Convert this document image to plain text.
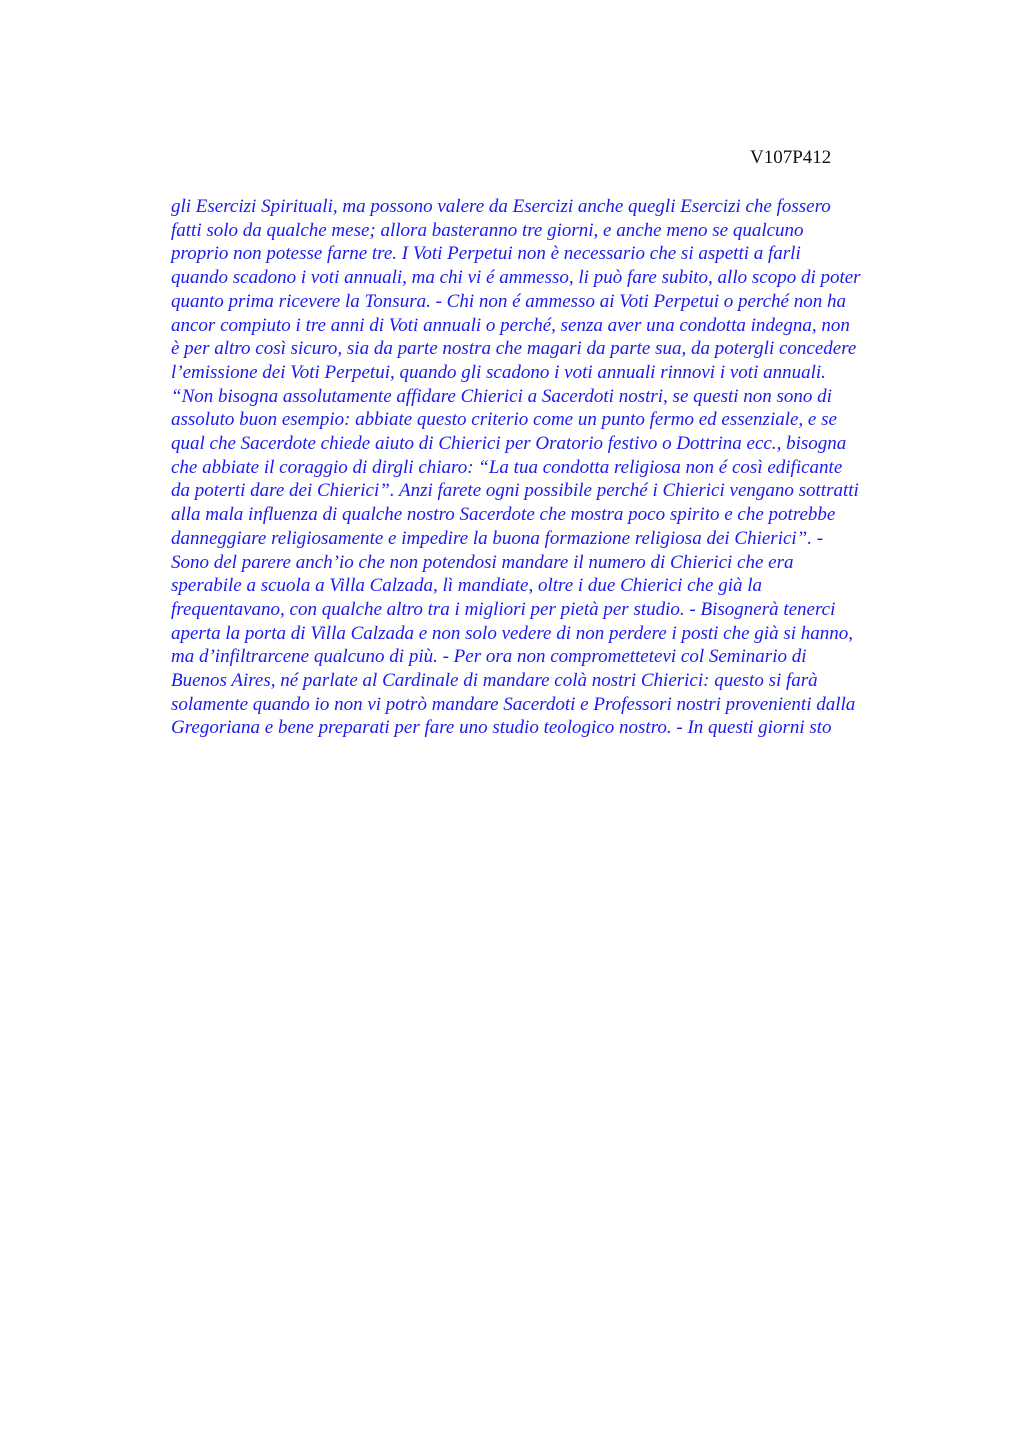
V107P412
gli Esercizi Spirituali, ma possono valere da Esercizi anche quegli Esercizi che fossero
fatti solo da qualche mese; allora basteranno tre giorni, e anche meno se qualcuno
proprio non potesse farne tre. I Voti Perpetui non è necessario che si aspetti a farli
quando scadono i voti annuali, ma chi vi é ammesso, li può fare subito, allo scopo di poter
quanto prima ricevere la Tonsura. - Chi non é ammesso ai Voti Perpetui o perché non ha
ancor compiuto i tre anni di Voti annuali o perché, senza aver una condotta indegna, non
è per altro così sicuro, sia da parte nostra che magari da parte sua, da potergli concedere
l’emissione dei Voti Perpetui, quando gli scadono i voti annuali rinnovi i voti annuali.
“Non bisogna assolutamente affidare Chierici a Sacerdoti nostri, se questi non sono di
assoluto buon esempio: abbiate questo criterio come un punto fermo ed essenziale, e se
qual che Sacerdote chiede aiuto di Chierici per Oratorio festivo o Dottrina ecc., bisogna
che abbiate il coraggio di dirgli chiaro: “La tua condotta religiosa non é così edificante
da poterti dare dei Chierici”. Anzi farete ogni possibile perché i Chierici vengano sottratti
alla mala influenza di qualche nostro Sacerdote che mostra poco spirito e che potrebbe
danneggiare religiosamente e impedire la buona formazione religiosa dei Chierici”. -
Sono del parere anch’io che non potendosi mandare il numero di Chierici che era
sperabile a scuola a Villa Calzada, lì mandiate, oltre i due Chierici che già la
frequentavano, con qualche altro tra i migliori per pietà per studio. - Bisognerà tenerci
aperta la porta di Villa Calzada e non solo vedere di non perdere i posti che già si hanno,
ma d’infiltrarcene qualcuno di più. - Per ora non compromettetevi col Seminario di
Buenos Aires, né parlate al Cardinale di mandare colà nostri Chierici: questo si farà
solamente quando io non vi potrò mandare Sacerdoti e Professori nostri provenienti dalla
Gregoriana e bene preparati per fare uno studio teologico nostro. - In questi giorni sto
